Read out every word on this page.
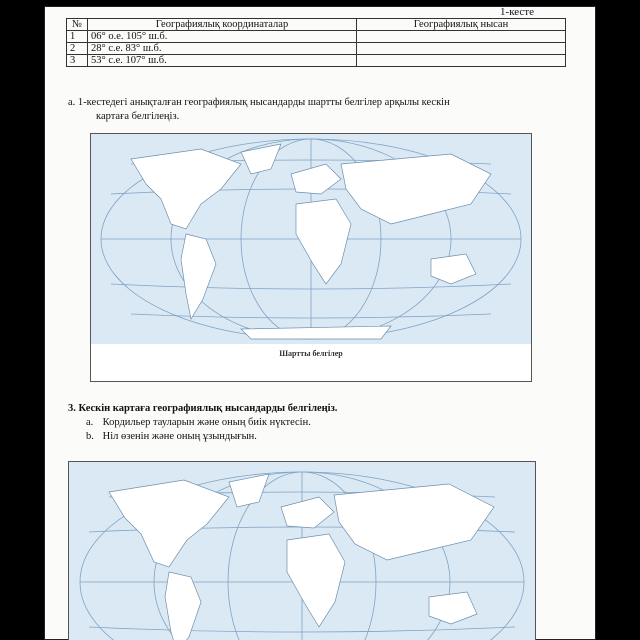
1-кесте
№	Географиялық координаталар	Географиялық нысан
1	06° о.е. 105° ш.б.	
2	28° с.е. 83° ш.б.	
3	53° с.е. 107° ш.б.	
a. 1-кестедегі анықталған географиялық нысандарды шартты белгілер арқылы кескін
картаға белгілеңіз.
Шартты белгілер
3. Кескін картаға географиялық нысандарды белгілеңіз.
a. Кордильер тауларын және оның биік нүктесін.
b. Ніл өзенін және оның ұзындығын.
